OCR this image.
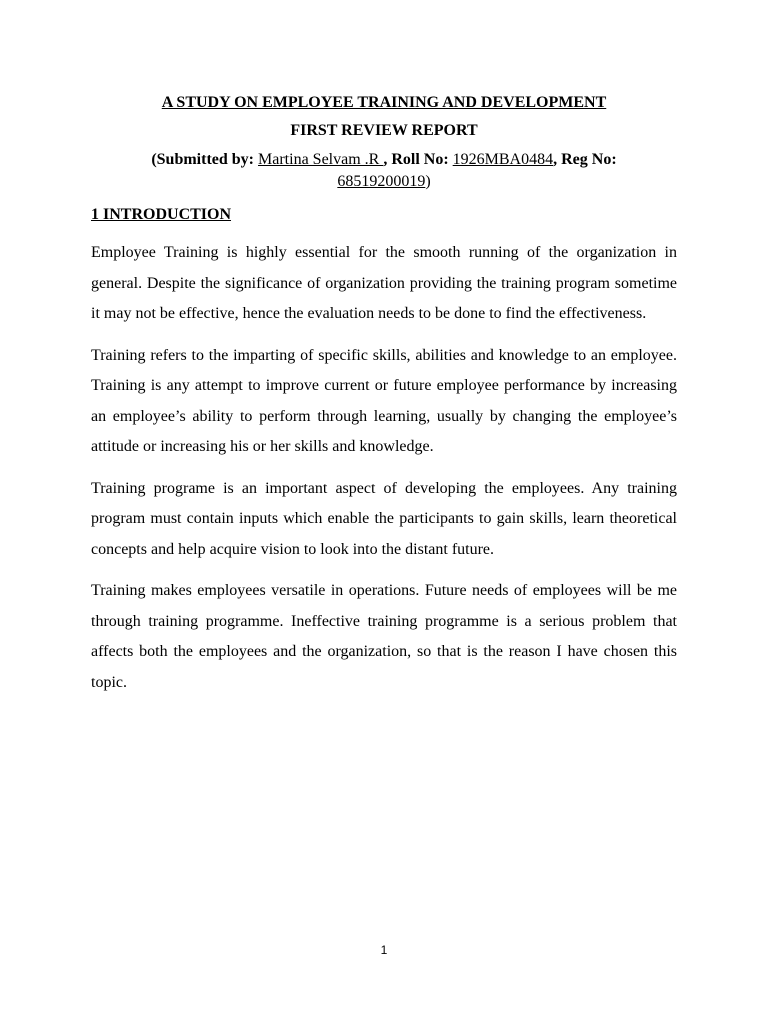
A STUDY ON EMPLOYEE TRAINING AND DEVELOPMENT
FIRST REVIEW REPORT
(Submitted by: Martina Selvam .R , Roll No: 1926MBA0484, Reg No:
68519200019)
1 INTRODUCTION

Employee Training is highly essential for the smooth running of the organization in general. Despite the significance of organization providing the training program sometime it may not be effective, hence the evaluation needs to be done to find the effectiveness.

Training refers to the imparting of specific skills, abilities and knowledge to an employee. Training is any attempt to improve current or future employee performance by increasing an employee’s ability to perform through learning, usually by changing the employee’s attitude or increasing his or her skills and knowledge.

Training programe is an important aspect of developing the employees. Any training program must contain inputs which enable the participants to gain skills, learn theoretical concepts and help acquire vision to look into the distant future.

Training makes employees versatile in operations. Future needs of employees will be me through training programme. Ineffective training programme is a serious problem that affects both the employees and the organization, so that is the reason I have chosen this topic.

1
